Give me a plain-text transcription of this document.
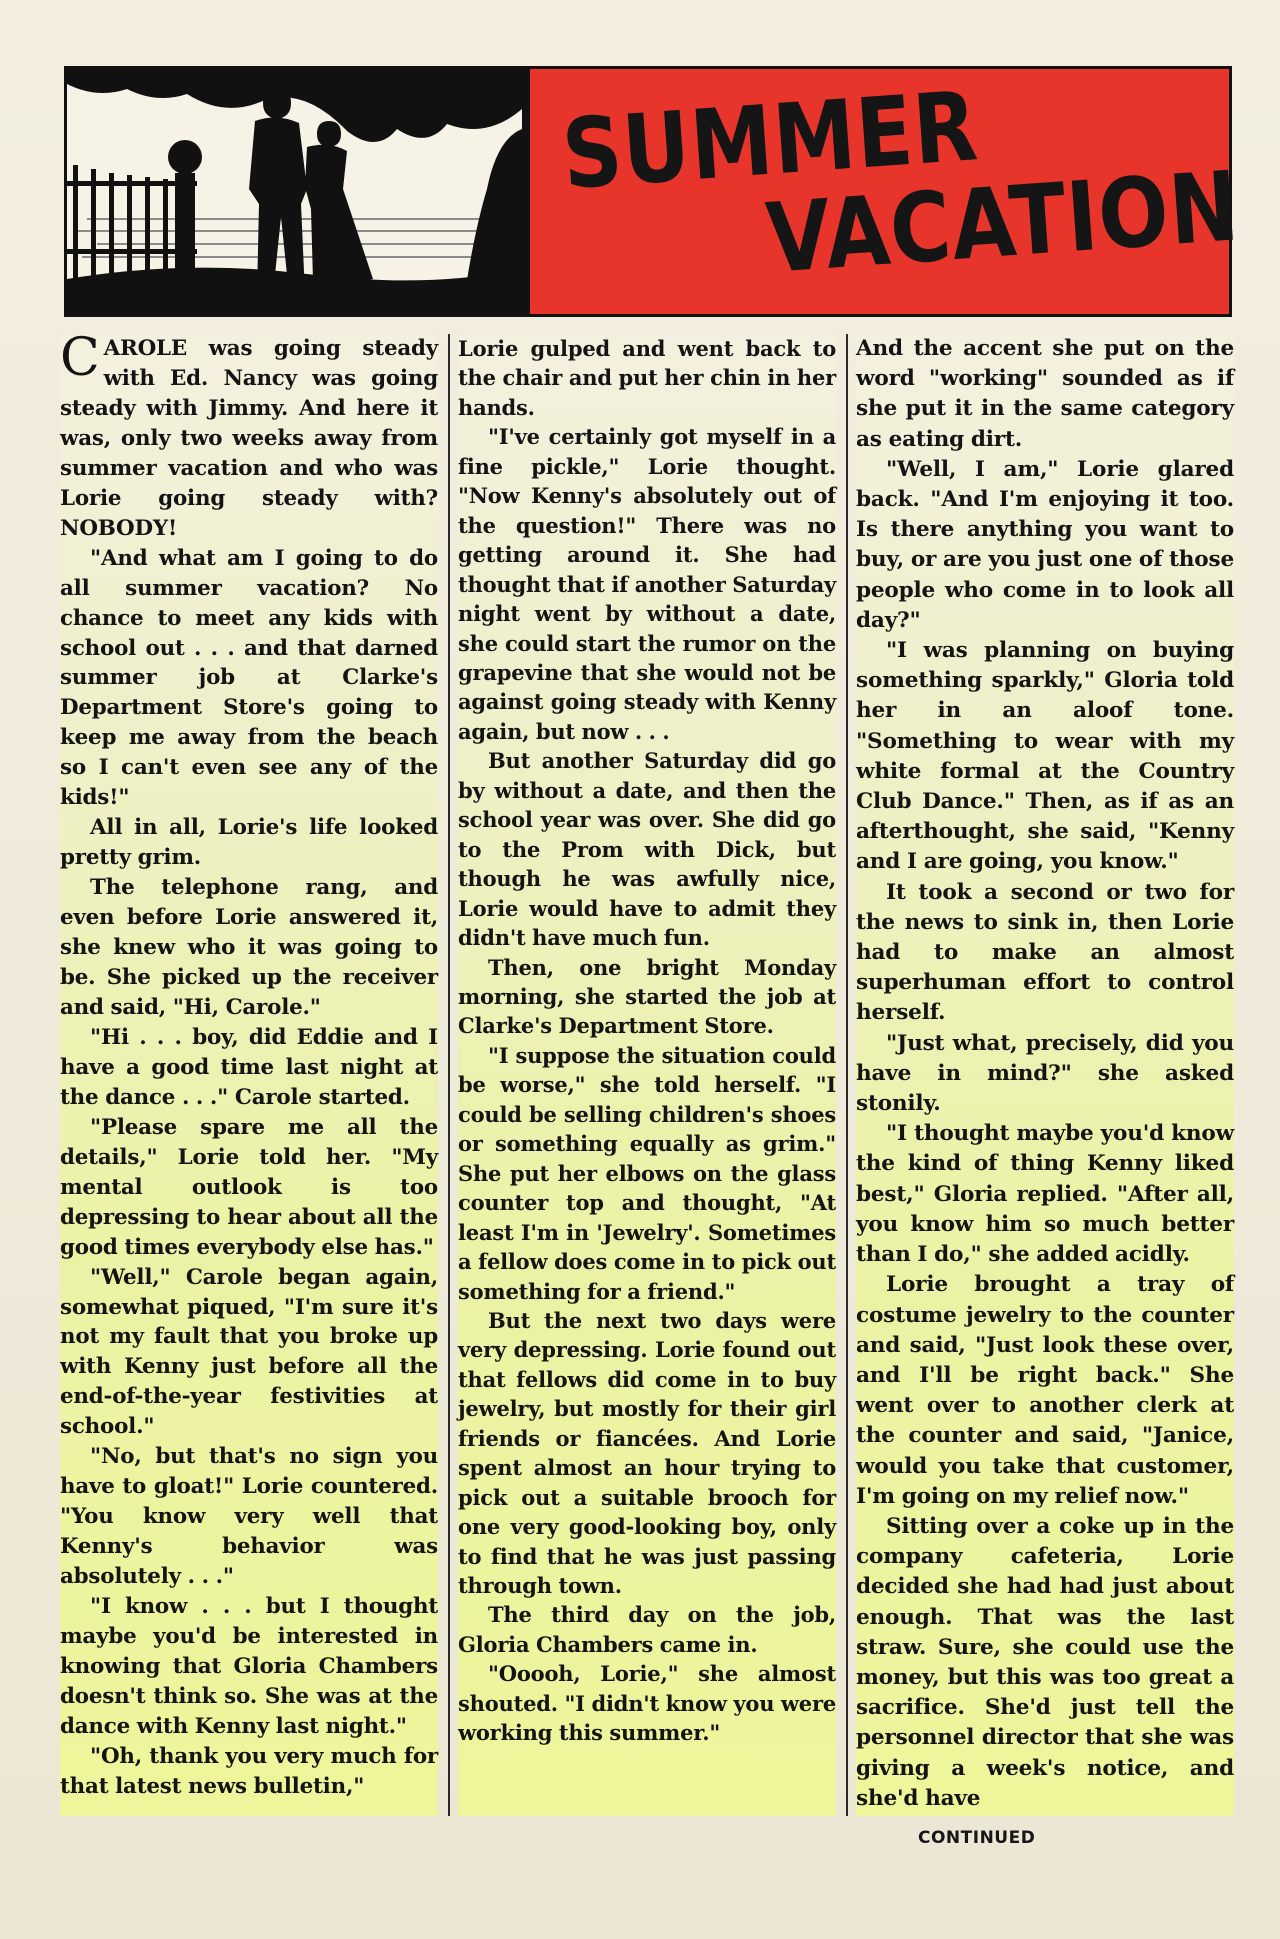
SUMMER
VACATION

CAROLE was going steady with Ed. Nancy was going steady with Jimmy. And here it was, only two weeks away from summer vacation and who was Lorie going steady with? NOBODY!

"And what am I going to do all summer vacation? No chance to meet any kids with school out . . . and that darned summer job at Clarke's Department Store's going to keep me away from the beach so I can't even see any of the kids!"

All in all, Lorie's life looked pretty grim.

The telephone rang, and even before Lorie answered it, she knew who it was going to be. She picked up the receiver and said, "Hi, Carole."

"Hi . . . boy, did Eddie and I have a good time last night at the dance . . ." Carole started.

"Please spare me all the details," Lorie told her. "My mental outlook is too depressing to hear about all the good times everybody else has."

"Well," Carole began again, somewhat piqued, "I'm sure it's not my fault that you broke up with Kenny just before all the end-of-the-year festivities at school."

"No, but that's no sign you have to gloat!" Lorie countered. "You know very well that Kenny's behavior was absolutely . . ."

"I know . . . but I thought maybe you'd be interested in knowing that Gloria Chambers doesn't think so. She was at the dance with Kenny last night."

"Oh, thank you very much for that latest news bulletin,"

Lorie gulped and went back to the chair and put her chin in her hands.

"I've certainly got myself in a fine pickle," Lorie thought. "Now Kenny's absolutely out of the question!" There was no getting around it. She had thought that if another Saturday night went by without a date, she could start the rumor on the grapevine that she would not be against going steady with Kenny again, but now . . .

But another Saturday did go by without a date, and then the school year was over. She did go to the Prom with Dick, but though he was awfully nice, Lorie would have to admit they didn't have much fun.

Then, one bright Monday morning, she started the job at Clarke's Department Store.

"I suppose the situation could be worse," she told herself. "I could be selling children's shoes or something equally as grim." She put her elbows on the glass counter top and thought, "At least I'm in 'Jewelry'. Sometimes a fellow does come in to pick out something for a friend."

But the next two days were very depressing. Lorie found out that fellows did come in to buy jewelry, but mostly for their girl friends or fiancées. And Lorie spent almost an hour trying to pick out a suitable brooch for one very good-looking boy, only to find that he was just passing through town.

The third day on the job, Gloria Chambers came in.

"Ooooh, Lorie," she almost shouted. "I didn't know you were working this summer."

And the accent she put on the word "working" sounded as if she put it in the same category as eating dirt.

"Well, I am," Lorie glared back. "And I'm enjoying it too. Is there anything you want to buy, or are you just one of those people who come in to look all day?"

"I was planning on buying something sparkly," Gloria told her in an aloof tone. "Something to wear with my white formal at the Country Club Dance." Then, as if as an afterthought, she said, "Kenny and I are going, you know."

It took a second or two for the news to sink in, then Lorie had to make an almost superhuman effort to control herself.

"Just what, precisely, did you have in mind?" she asked stonily.

"I thought maybe you'd know the kind of thing Kenny liked best," Gloria replied. "After all, you know him so much better than I do," she added acidly.

Lorie brought a tray of costume jewelry to the counter and said, "Just look these over, and I'll be right back." She went over to another clerk at the counter and said, "Janice, would you take that customer, I'm going on my relief now."

Sitting over a coke up in the company cafeteria, Lorie decided she had had just about enough. That was the last straw. Sure, she could use the money, but this was too great a sacrifice. She'd just tell the personnel director that she was giving a week's notice, and she'd have

CONTINUED
